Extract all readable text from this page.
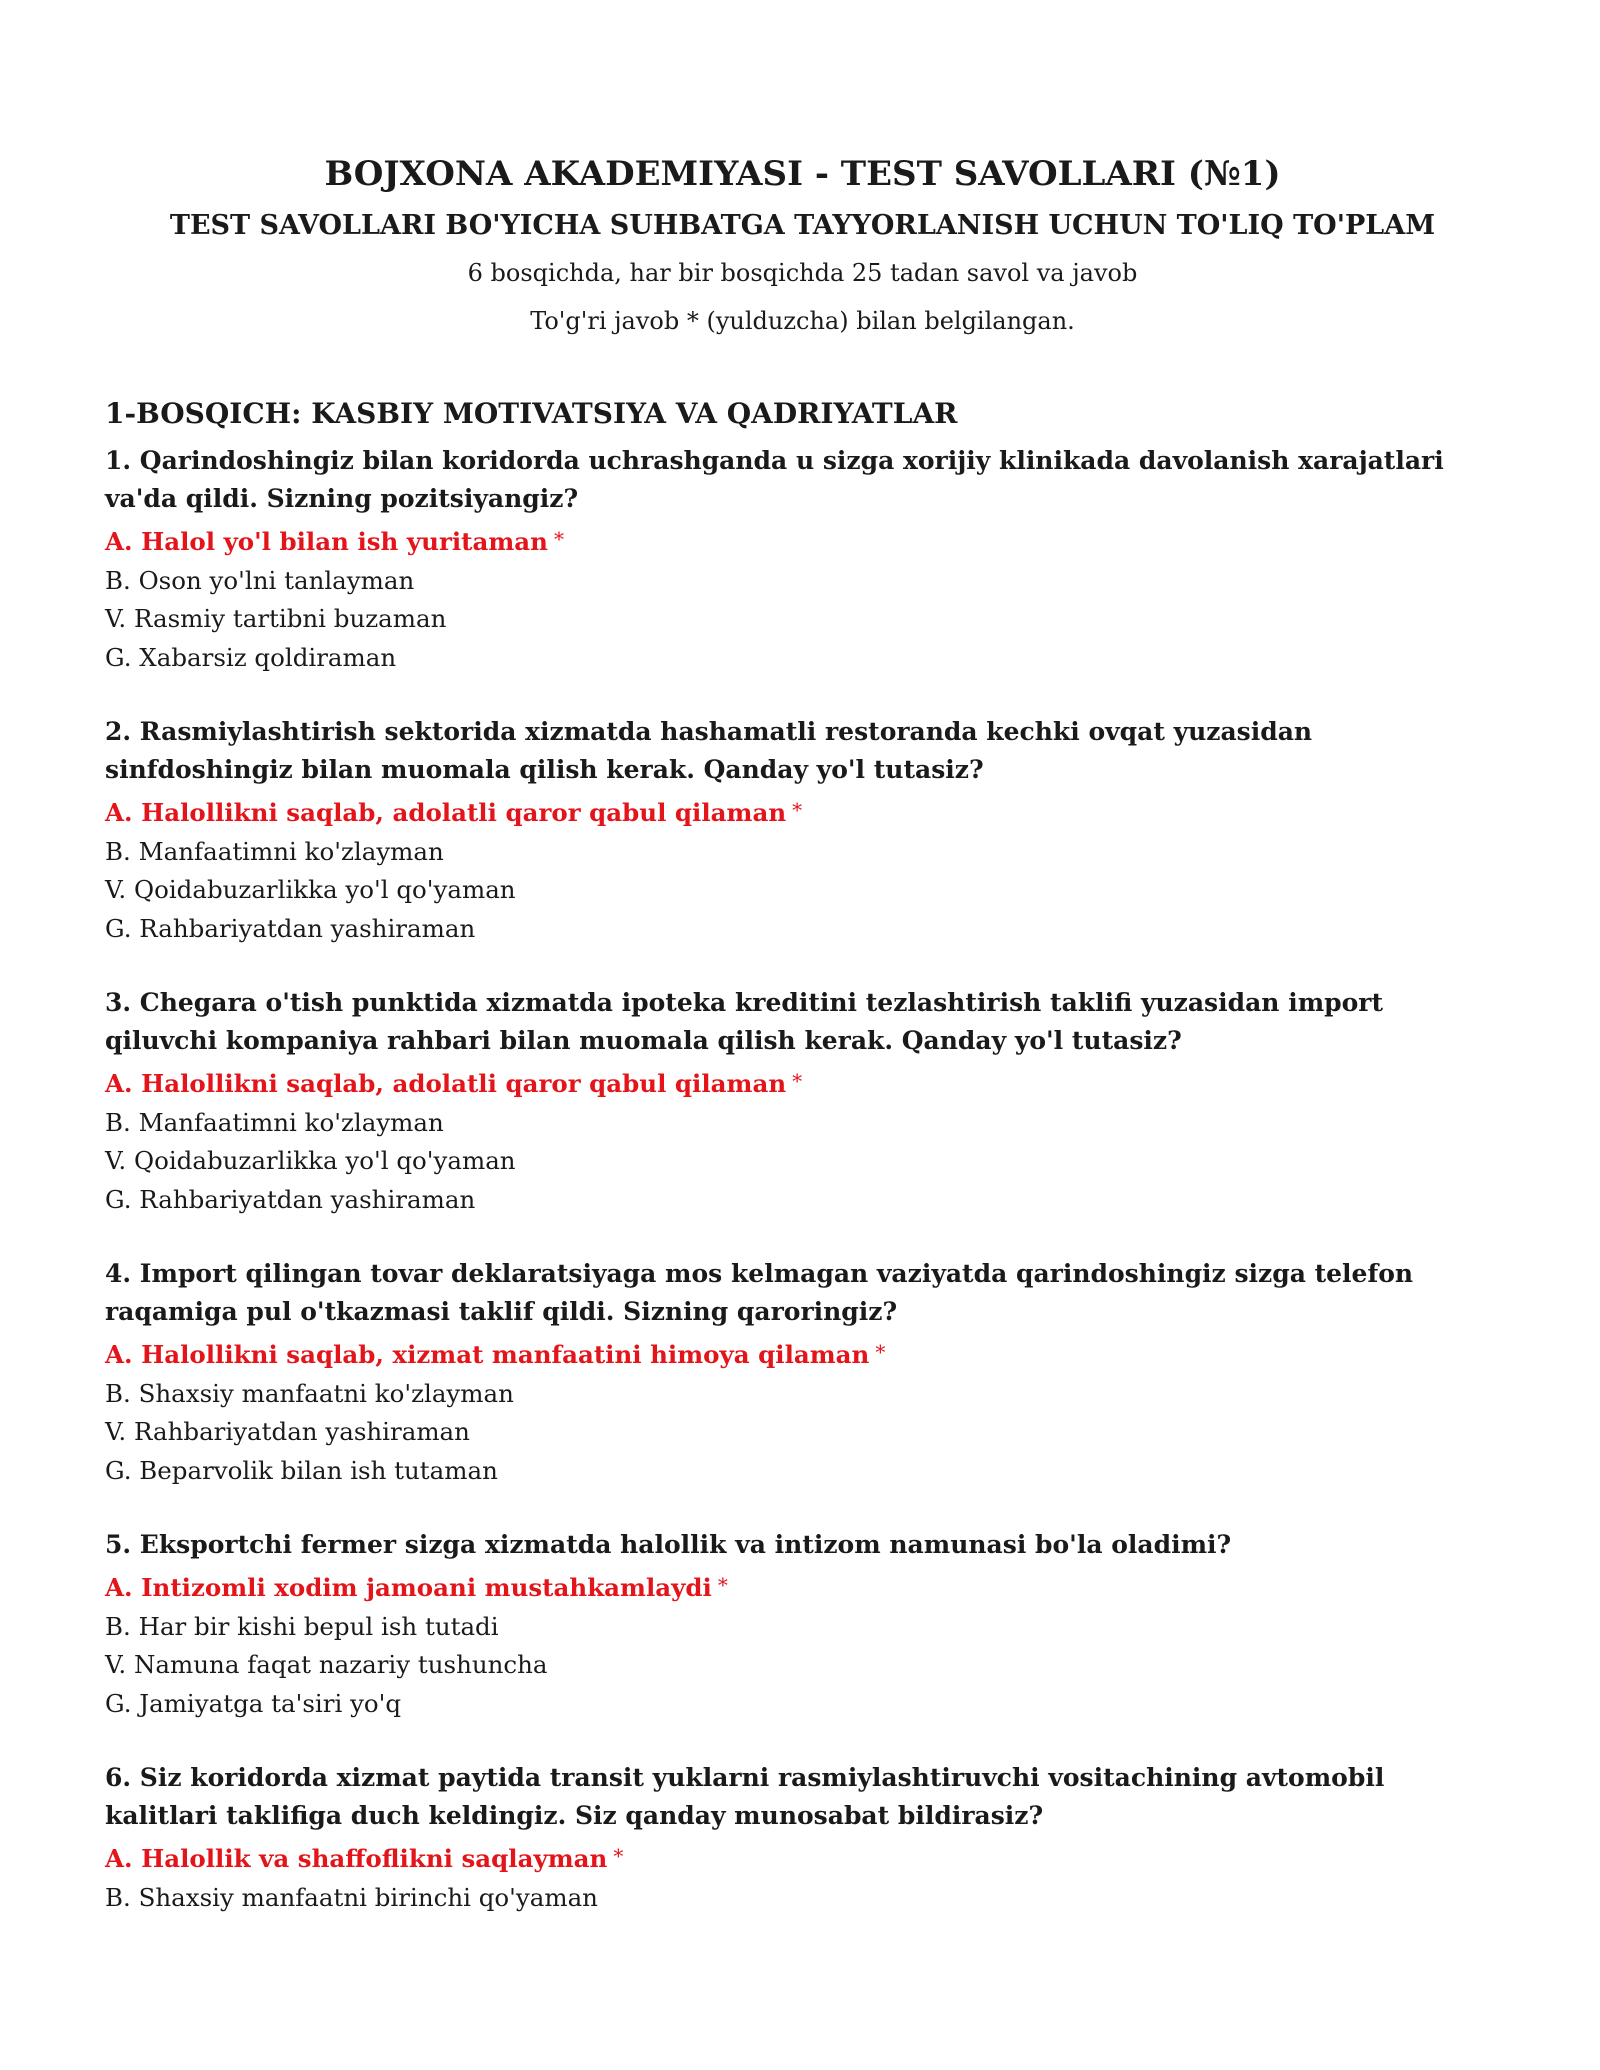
BOJXONA AKADEMIYASI - TEST SAVOLLARI (№1)
TEST SAVOLLARI BO'YICHA SUHBATGA TAYYORLANISH UCHUN TO'LIQ TO'PLAM

6 bosqichda, har bir bosqichda 25 tadan savol va javob

To'g'ri javob * (yulduzcha) bilan belgilangan.

1-BOSQICH: KASBIY MOTIVATSIYA VA QADRIYATLAR

1. Qarindoshingiz bilan koridorda uchrashganda u sizga xorijiy klinikada davolanish xarajatlari va'da qildi. Sizning pozitsiyangiz?

A. Halol yo'l bilan ish yuritaman *

B. Oson yo'lni tanlayman

V. Rasmiy tartibni buzaman

G. Xabarsiz qoldiraman

2. Rasmiylashtirish sektorida xizmatda hashamatli restoranda kechki ovqat yuzasidan sinfdoshingiz bilan muomala qilish kerak. Qanday yo'l tutasiz?

A. Halollikni saqlab, adolatli qaror qabul qilaman *

B. Manfaatimni ko'zlayman

V. Qoidabuzarlikka yo'l qo'yaman

G. Rahbariyatdan yashiraman

3. Chegara o'tish punktida xizmatda ipoteka kreditini tezlashtirish taklifi yuzasidan import qiluvchi kompaniya rahbari bilan muomala qilish kerak. Qanday yo'l tutasiz?

A. Halollikni saqlab, adolatli qaror qabul qilaman *

B. Manfaatimni ko'zlayman

V. Qoidabuzarlikka yo'l qo'yaman

G. Rahbariyatdan yashiraman

4. Import qilingan tovar deklaratsiyaga mos kelmagan vaziyatda qarindoshingiz sizga telefon raqamiga pul o'tkazmasi taklif qildi. Sizning qaroringiz?

A. Halollikni saqlab, xizmat manfaatini himoya qilaman *

B. Shaxsiy manfaatni ko'zlayman

V. Rahbariyatdan yashiraman

G. Beparvolik bilan ish tutaman

5. Eksportchi fermer sizga xizmatda halollik va intizom namunasi bo'la oladimi?

A. Intizomli xodim jamoani mustahkamlaydi *

B. Har bir kishi bepul ish tutadi

V. Namuna faqat nazariy tushuncha

G. Jamiyatga ta'siri yo'q

6. Siz koridorda xizmat paytida transit yuklarni rasmiylashtiruvchi vositachining avtomobil kalitlari taklifiga duch keldingiz. Siz qanday munosabat bildirasiz?

A. Halollik va shaffoflikni saqlayman *

B. Shaxsiy manfaatni birinchi qo'yaman
